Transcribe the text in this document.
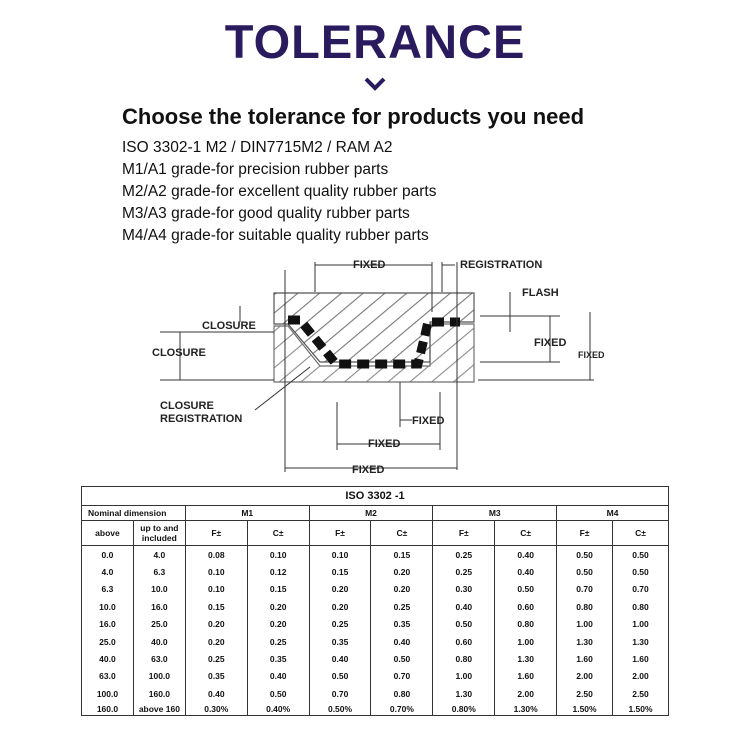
TOLERANCE
Choose the tolerance for products you need
ISO 3302-1 M2 / DIN7715M2 / RAM A2
M1/A1 grade-for precision rubber parts
M2/A2 grade-for excellent quality rubber parts
M3/A3 grade-for good quality rubber parts
M4/A4 grade-for suitable quality rubber parts
FIXED	REGISTRATION
FLASH
CLOSURE
CLOSURE
FIXED
FIXED
CLOSURE
REGISTRATION	FIXED
FIXED
FIXED
ISO 3302 -1									
Nominal dimension		M1		M2		M3		M4	
above	up to and included	F±	C±	F±	C±	F±	C±	F±	C±
0.0	4.0	0.08	0.10	0.10	0.15	0.25	0.40	0.50	0.50
4.0	6.3	0.10	0.12	0.15	0.20	0.25	0.40	0.50	0.50
6.3	10.0	0.10	0.15	0.20	0.20	0.30	0.50	0.70	0.70
10.0	16.0	0.15	0.20	0.20	0.25	0.40	0.60	0.80	0.80
16.0	25.0	0.20	0.20	0.25	0.35	0.50	0.80	1.00	1.00
25.0	40.0	0.20	0.25	0.35	0.40	0.60	1.00	1.30	1.30
40.0	63.0	0.25	0.35	0.40	0.50	0.80	1.30	1.60	1.60
63.0	100.0	0.35	0.40	0.50	0.70	1.00	1.60	2.00	2.00
100.0	160.0	0.40	0.50	0.70	0.80	1.30	2.00	2.50	2.50
160.0	above 160	0.30%	0.40%	0.50%	0.70%	0.80%	1.30%	1.50%	1.50%
